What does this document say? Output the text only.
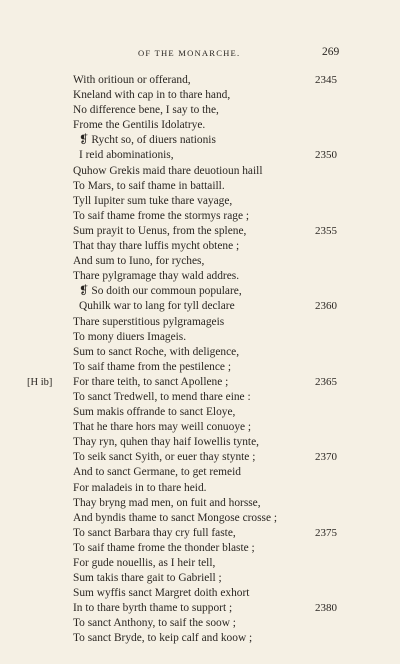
OF THE MONARCHE.	269
With oritioun or offerand,	2345
Kneland with cap in to thare hand,
No difference bene, I say to the,
Frome the Gentilis Idolatrye.
❡ Rycht so, of diuers nationis
I reid abominationis,	2350
Quhow Grekis maid thare deuotioun haill
To Mars, to saif thame in battaill.
Tyll Iupiter sum tuke thare vayage,
To saif thame frome the stormys rage ;
Sum prayit to Uenus, from the splene,	2355
That thay thare luffis mycht obtene ;
And sum to Iuno, for ryches,
Thare pylgramage thay wald addres.
❡ So doith our commoun populare,
Quhilk war to lang for tyll declare	2360
Thare superstitious pylgramageis
To mony diuers Imageis.
Sum to sanct Roche, with deligence,
To saif thame from the pestilence ;
[H ib] For thare teith, to sanct Apollene ;	2365
To sanct Tredwell, to mend thare eine :
Sum makis offrande to sanct Eloye,
That he thare hors may weill conuoye ;
Thay ryn, quhen thay haif Iowellis tynte,
To seik sanct Syith, or euer thay stynte ;	2370
And to sanct Germane, to get remeid
For maladeis in to thare heid.
Thay bryng mad men, on fuit and horsse,
And byndis thame to sanct Mongose crosse ;
To sanct Barbara thay cry full faste,	2375
To saif thame frome the thonder blaste ;
For gude nouellis, as I heir tell,
Sum takis thare gait to Gabriell ;
Sum wyffis sanct Margret doith exhort
In to thare byrth thame to support ;	2380
To sanct Anthony, to saif the soow ;
To sanct Bryde, to keip calf and koow ;
